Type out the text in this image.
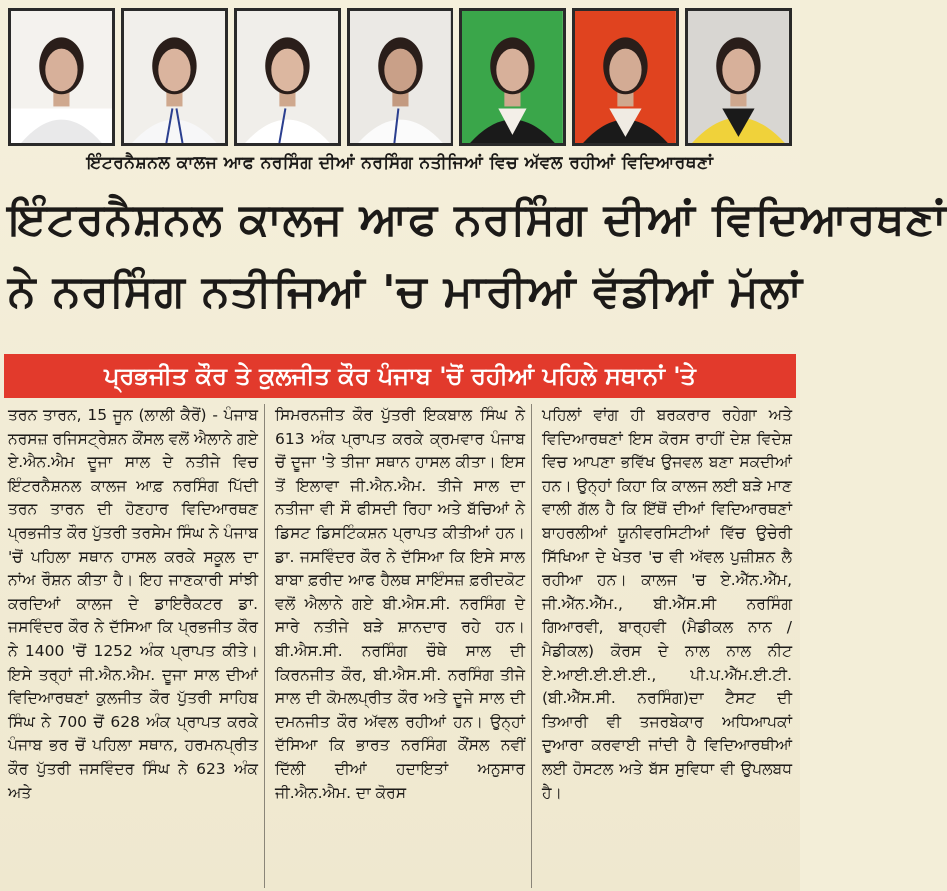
ਇੰਟਰਨੈਸ਼ਨਲ ਕਾਲਜ ਆਫ ਨਰਸਿੰਗ ਦੀਆਂ ਨਰਸਿੰਗ ਨਤੀਜਿਆਂ ਵਿਚ ਅੱਵਲ ਰਹੀਆਂ ਵਿਦਿਆਰਥਣਾਂ
ਇੰਟਰਨੈਸ਼ਨਲ ਕਾਲਜ ਆਫ ਨਰਸਿੰਗ ਦੀਆਂ ਵਿਦਿਆਰਥਣਾਂ
ਨੇ ਨਰਸਿੰਗ ਨਤੀਜਿਆਂ 'ਚ ਮਾਰੀਆਂ ਵੱਡੀਆਂ ਮੱਲਾਂ
ਪ੍ਰਭਜੀਤ ਕੌਰ ਤੇ ਕੁਲਜੀਤ ਕੌਰ ਪੰਜਾਬ 'ਚੋਂ ਰਹੀਆਂ ਪਹਿਲੇ ਸਥਾਨਾਂ 'ਤੇ

ਤਰਨ ਤਾਰਨ, 15 ਜੂਨ (ਲਾਲੀ ਕੈਰੋਂ) - ਪੰਜਾਬ ਨਰਸਜ਼ ਰਜਿਸਟ੍ਰੇਸ਼ਨ ਕੌਂਸਲ ਵਲੋਂ ਐਲਾਨੇ ਗਏ ਏ.ਐਨ.ਐਮ ਦੂਜਾ ਸਾਲ ਦੇ ਨਤੀਜੇ ਵਿਚ ਇੰਟਰਨੈਸ਼ਨਲ ਕਾਲਜ ਆਫ਼ ਨਰਸਿੰਗ ਪਿੱਦੀ ਤਰਨ ਤਾਰਨ ਦੀ ਹੋਣਹਾਰ ਵਿਦਿਆਰਥਣ ਪ੍ਰਭਜੀਤ ਕੌਰ ਪੁੱਤਰੀ ਤਰਸੇਮ ਸਿੰਘ ਨੇ ਪੰਜਾਬ 'ਚੋਂ ਪਹਿਲਾ ਸਥਾਨ ਹਾਸਲ ਕਰਕੇ ਸਕੂਲ ਦਾ ਨਾਂਅ ਰੌਸ਼ਨ ਕੀਤਾ ਹੈ। ਇਹ ਜਾਣਕਾਰੀ ਸਾਂਝੀ ਕਰਦਿਆਂ ਕਾਲਜ ਦੇ ਡਾਇਰੈਕਟਰ ਡਾ. ਜਸਵਿੰਦਰ ਕੌਰ ਨੇ ਦੱਸਿਆ ਕਿ ਪ੍ਰਭਜੀਤ ਕੌਰ ਨੇ 1400 'ਚੋਂ 1252 ਅੰਕ ਪ੍ਰਾਪਤ ਕੀਤੇ। ਇਸੇ ਤਰ੍ਹਾਂ ਜੀ.ਐਨ.ਐਮ. ਦੂਜਾ ਸਾਲ ਦੀਆਂ ਵਿਦਿਆਰਥਣਾਂ ਕੁਲਜੀਤ ਕੌਰ ਪੁੱਤਰੀ ਸਾਹਿਬ ਸਿੰਘ ਨੇ 700 ਚੋਂ 628 ਅੰਕ ਪ੍ਰਾਪਤ ਕਰਕੇ ਪੰਜਾਬ ਭਰ ਚੋਂ ਪਹਿਲਾ ਸਥਾਨ, ਹਰਮਨਪ੍ਰੀਤ ਕੌਰ ਪੁੱਤਰੀ ਜਸਵਿੰਦਰ ਸਿੰਘ ਨੇ 623 ਅੰਕ ਅਤੇ

ਸਿਮਰਨਜੀਤ ਕੌਰ ਪੁੱਤਰੀ ਇਕਬਾਲ ਸਿੰਘ ਨੇ 613 ਅੰਕ ਪ੍ਰਾਪਤ ਕਰਕੇ ਕ੍ਰਮਵਾਰ ਪੰਜਾਬ ਚੋਂ ਦੂਜਾ 'ਤੇ ਤੀਜਾ ਸਥਾਨ ਹਾਸਲ ਕੀਤਾ। ਇਸ ਤੋਂ ਇਲਾਵਾ ਜੀ.ਐਨ.ਐਮ. ਤੀਜੇ ਸਾਲ ਦਾ ਨਤੀਜਾ ਵੀ ਸੌ ਫੀਸਦੀ ਰਿਹਾ ਅਤੇ ਬੱਚਿਆਂ ਨੇ ਡਿਸਟ ਡਿਸਟਿੰਕਸ਼ਨ ਪ੍ਰਾਪਤ ਕੀਤੀਆਂ ਹਨ। ਡਾ. ਜਸਵਿੰਦਰ ਕੌਰ ਨੇ ਦੱਸਿਆ ਕਿ ਇਸੇ ਸਾਲ ਬਾਬਾ ਫ਼ਰੀਦ ਆਫ ਹੈਲਥ ਸਾਇੰਸਜ਼ ਫ਼ਰੀਦਕੋਟ ਵਲੋਂ ਐਲਾਨੇ ਗਏ ਬੀ.ਐਸ.ਸੀ. ਨਰਸਿੰਗ ਦੇ ਸਾਰੇ ਨਤੀਜੇ ਬੜੇ ਸ਼ਾਨਦਾਰ ਰਹੇ ਹਨ। ਬੀ.ਐਸ.ਸੀ. ਨਰਸਿੰਗ ਚੌਥੇ ਸਾਲ ਦੀ ਕਿਰਨਜੀਤ ਕੌਰ, ਬੀ.ਐਸ.ਸੀ. ਨਰਸਿੰਗ ਤੀਜੇ ਸਾਲ ਦੀ ਕੋਮਲਪ੍ਰੀਤ ਕੌਰ ਅਤੇ ਦੂਜੇ ਸਾਲ ਦੀ ਦਮਨਜੀਤ ਕੌਰ ਅੱਵਲ ਰਹੀਆਂ ਹਨ। ਉਨ੍ਹਾਂ ਦੱਸਿਆ ਕਿ ਭਾਰਤ ਨਰਸਿੰਗ ਕੌਂਸਲ ਨਵੀਂ ਦਿੱਲੀ ਦੀਆਂ ਹਦਾਇਤਾਂ ਅਨੁਸਾਰ ਜੀ.ਐਨ.ਐਮ. ਦਾ ਕੋਰਸ

ਪਹਿਲਾਂ ਵਾਂਗ ਹੀ ਬਰਕਰਾਰ ਰਹੇਗਾ ਅਤੇ ਵਿਦਿਆਰਥਣਾਂ ਇਸ ਕੋਰਸ ਰਾਹੀਂ ਦੇਸ਼ ਵਿਦੇਸ਼ ਵਿਚ ਆਪਣਾ ਭਵਿੱਖ ਉਜਵਲ ਬਣਾ ਸਕਦੀਆਂ ਹਨ। ਉਨ੍ਹਾਂ ਕਿਹਾ ਕਿ ਕਾਲਜ ਲਈ ਬੜੇ ਮਾਣ ਵਾਲੀ ਗੱਲ ਹੈ ਕਿ ਇੱਥੋਂ ਦੀਆਂ ਵਿਦਿਆਰਥਣਾਂ ਬਾਹਰਲੀਆਂ ਯੂਨੀਵਰਸਿਟੀਆਂ ਵਿੱਚ ਉਚੇਰੀ ਸਿੱਖਿਆ ਦੇ ਖੇਤਰ 'ਚ ਵੀ ਅੱਵਲ ਪੁਜ਼ੀਸ਼ਨ ਲੈ ਰਹੀਆ ਹਨ। ਕਾਲਜ 'ਚ ਏ.ਐੱਨ.ਐੱਮ, ਜੀ.ਐੱਨ.ਐੱਮ., ਬੀ.ਐੱਸ.ਸੀ ਨਰਸਿੰਗ ਗਿਆਰਵੀ, ਬਾਰ੍ਹਵੀ (ਮੈਡੀਕਲ ਨਾਨ /ਮੈਡੀਕਲ) ਕੋਰਸ ਦੇ ਨਾਲ ਨਾਲ ਨੀਟ ਏ.ਆਈ.ਈ.ਈ.ਈ., ਪੀ.ਪ.ਐੱਮ.ਈ.ਟੀ. (ਬੀ.ਐੱਸ.ਸੀ. ਨਰਸਿੰਗ)ਦਾ ਟੈਸਟ ਦੀ ਤਿਆਰੀ ਵੀ ਤਜਰਬੇਕਾਰ ਅਧਿਆਪਕਾਂ ਦੁਆਰਾ ਕਰਵਾਈ ਜਾਂਦੀ ਹੈ ਵਿਦਿਆਰਥੀਆਂ ਲਈ ਹੋਸਟਲ ਅਤੇ ਬੱਸ ਸੁਵਿਧਾ ਵੀ ਉਪਲਬਧ ਹੈ।
